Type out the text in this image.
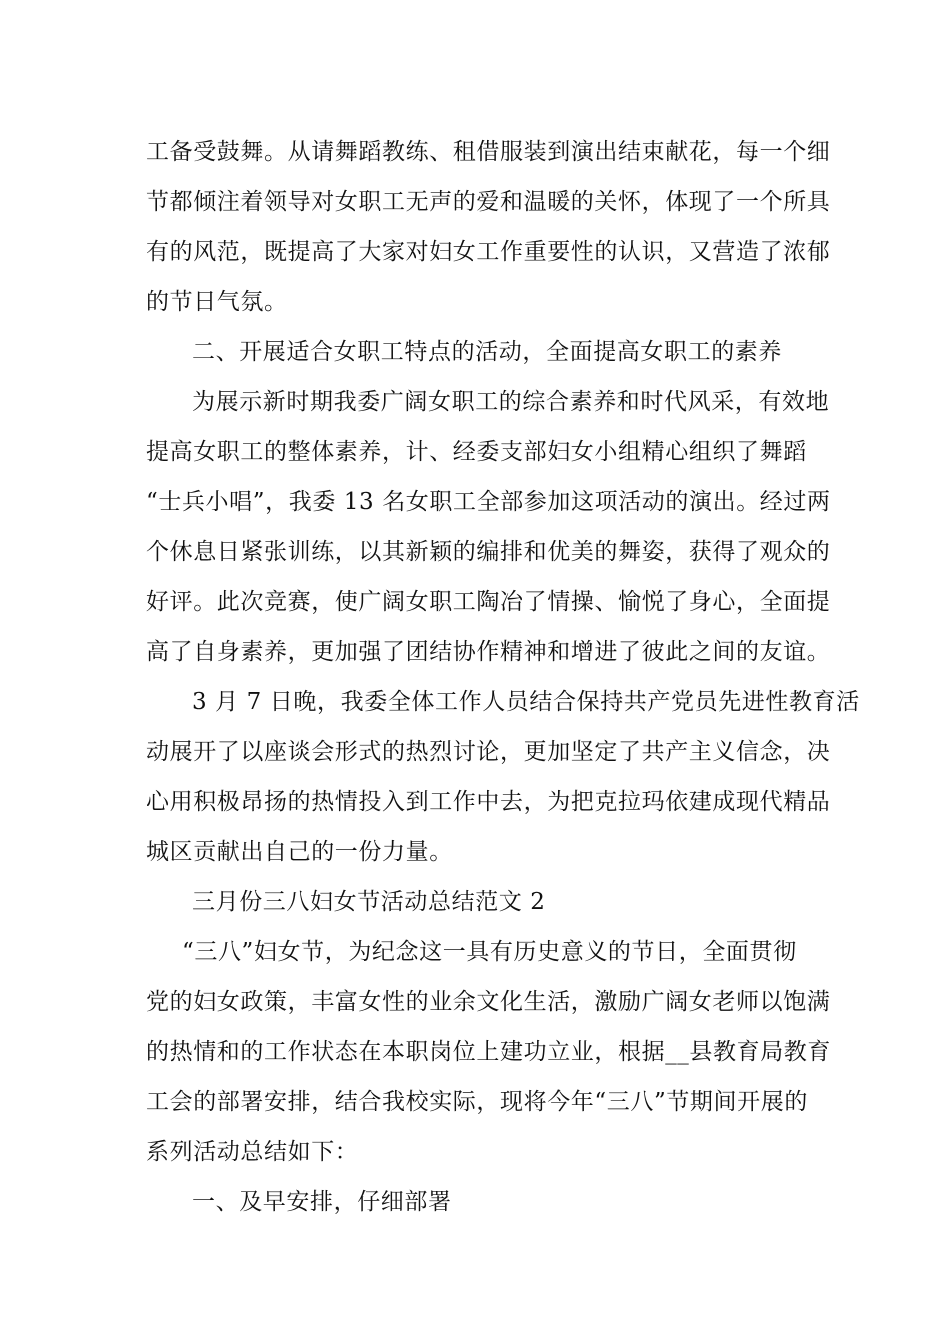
工备受鼓舞。从请舞蹈教练、租借服装到演出结束献花，每一个细
节都倾注着领导对女职工无声的爱和温暖的关怀，体现了一个所具
有的风范，既提高了大家对妇女工作重要性的认识，又营造了浓郁
的节日气氛。
二、开展适合女职工特点的活动，全面提高女职工的素养
为展示新时期我委广阔女职工的综合素养和时代风采，有效地
提高女职工的整体素养，计、经委支部妇女小组精心组织了舞蹈
“士兵小唱”，我委 13 名女职工全部参加这项活动的演出。经过两
个休息日紧张训练，以其新颖的编排和优美的舞姿，获得了观众的
好评。此次竞赛，使广阔女职工陶冶了情操、愉悦了身心，全面提
高了自身素养，更加强了团结协作精神和增进了彼此之间的友谊。
3 月 7 日晚，我委全体工作人员结合保持共产党员先进性教育活
动展开了以座谈会形式的热烈讨论，更加坚定了共产主义信念，决
心用积极昂扬的热情投入到工作中去，为把克拉玛依建成现代精品
城区贡献出自己的一份力量。
三月份三八妇女节活动总结范文 2
“三八”妇女节，为纪念这一具有历史意义的节日，全面贯彻
党的妇女政策，丰富女性的业余文化生活，激励广阔女老师以饱满
的热情和的工作状态在本职岗位上建功立业，根据__县教育局教育
工会的部署安排，结合我校实际，现将今年“三八”节期间开展的
系列活动总结如下：
一、及早安排，仔细部署
